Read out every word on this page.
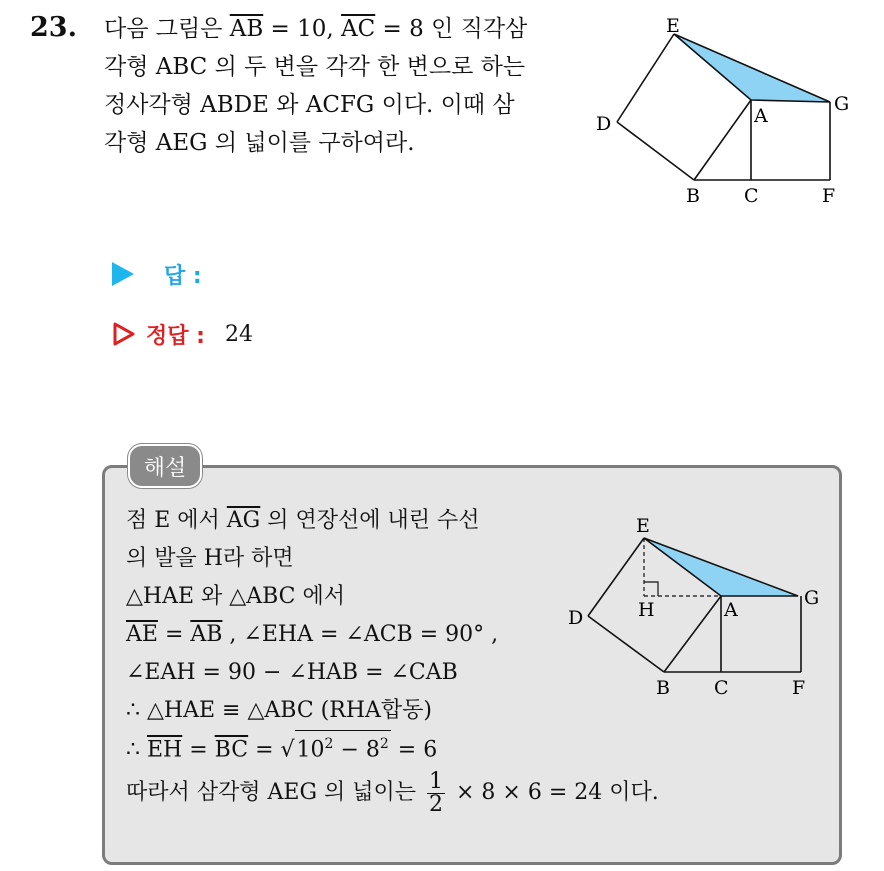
23. 다음 그림은 $\overline{AB} = 10$, $\overline{AC} = 8$ 인 직각삼
각형 ABC 의 두 변을 각각 한 변으로 하는
정사각형 ABDE 와 ACFG 이다. 이때 삼
각형 AEG 의 넓이를 구하여라.
E
D	A
G
B C	F
답 :
정답 : 24
해설
점 E 에서 $\overline{AG}$ 의 연장선에 내린 수선
의 발을 H라 하면
△HAE 와 △ABC 에서
$\overline{AE} = \overline{AB}$ , ∠EHA = ∠ACB = 90° ,
∠EAH = 90 − ∠HAB = ∠CAB
∴ △HAE ≡ △ABC (RHA합동)
∴ $\overline{EH} = \overline{BC} = √10^2 - 8^2 = 6$
따라서 삼각형 AEG 의 넓이는 $\frac{1}{2} \times 8 \times 6 = 24$ 이다.
E
D	H	A
G
B C	F
